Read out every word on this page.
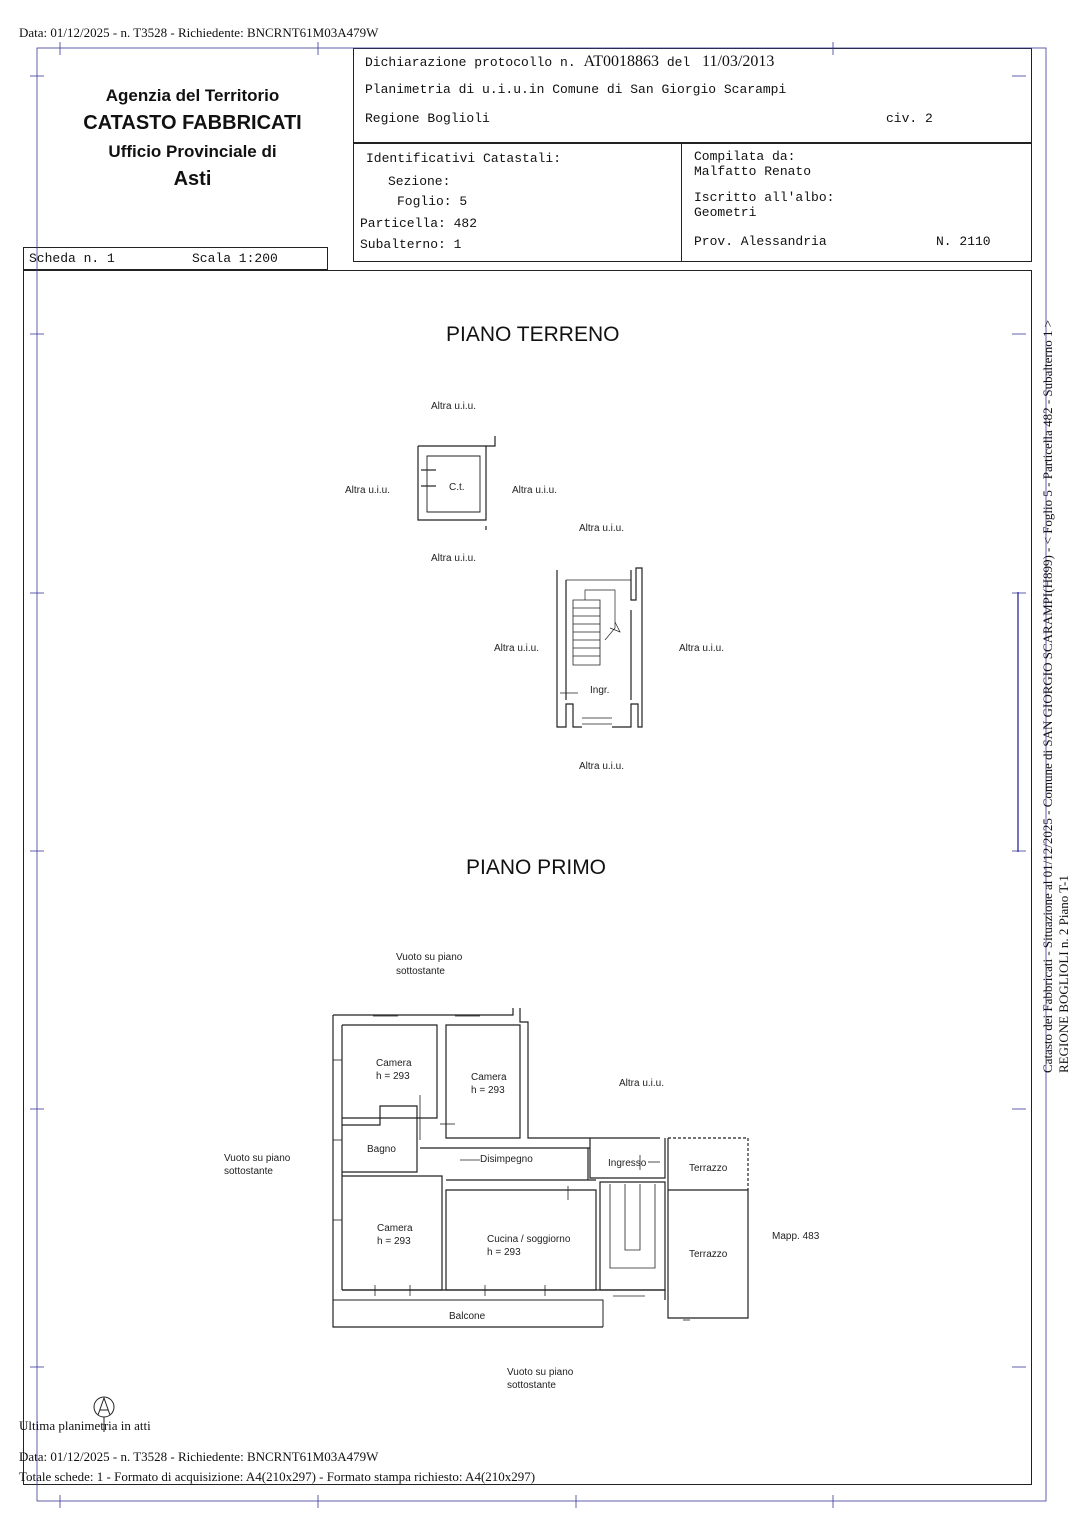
Data: 01/12/2025 - n. T3528 - Richiedente: BNCRNT61M03A479W
Agenzia del Territorio
CATASTO FABBRICATI
Ufficio Provinciale di
Asti
Scheda n. 1	Scala 1:200
Dichiarazione protocollo n. AT0018863 del 11/03/2013
Planimetria di u.i.u.in Comune di San Giorgio Scarampi
Regione Boglioli	civ. 2
Identificativi Catastali:
Sezione:
Foglio: 5
Particella: 482
Subalterno: 1
Compilata da:
Malfatto Renato
Iscritto all'albo:
Geometri
Prov. Alessandria	N. 2110
PIANO TERRENO
PIANO PRIMO
Altra u.i.u.
Altra u.i.u.	C.t.	Altra u.i.u.
Altra u.i.u.
Altra u.i.u.
Altra u.i.u.	Altra u.i.u.
Ingr.
Altra u.i.u.
Vuoto su piano
sottostante
Camera
h = 293	Camera
h = 293
Altra u.i.u.
Bagno
Disimpegno	Ingresso	Terrazzo
Vuoto su piano
sottostante
Camera
h = 293	Cucina / soggiorno
h = 293	Terrazzo
Mapp. 483
Balcone
Vuoto su piano
sottostante
Ultima planimetria in atti
Catasto dei Fabbricati - Situazione al 01/12/2025 - Comune di SAN GIORGIO SCARAMPI(H899) - < Foglio 5 - Particella 482 - Subalterno 1 > REGIONE BOGLIOLI n. 2 Piano T-1
Data: 01/12/2025 - n. T3528 - Richiedente: BNCRNT61M03A479W
Totale schede: 1 - Formato di acquisizione: A4(210x297) - Formato stampa richiesto: A4(210x297)
